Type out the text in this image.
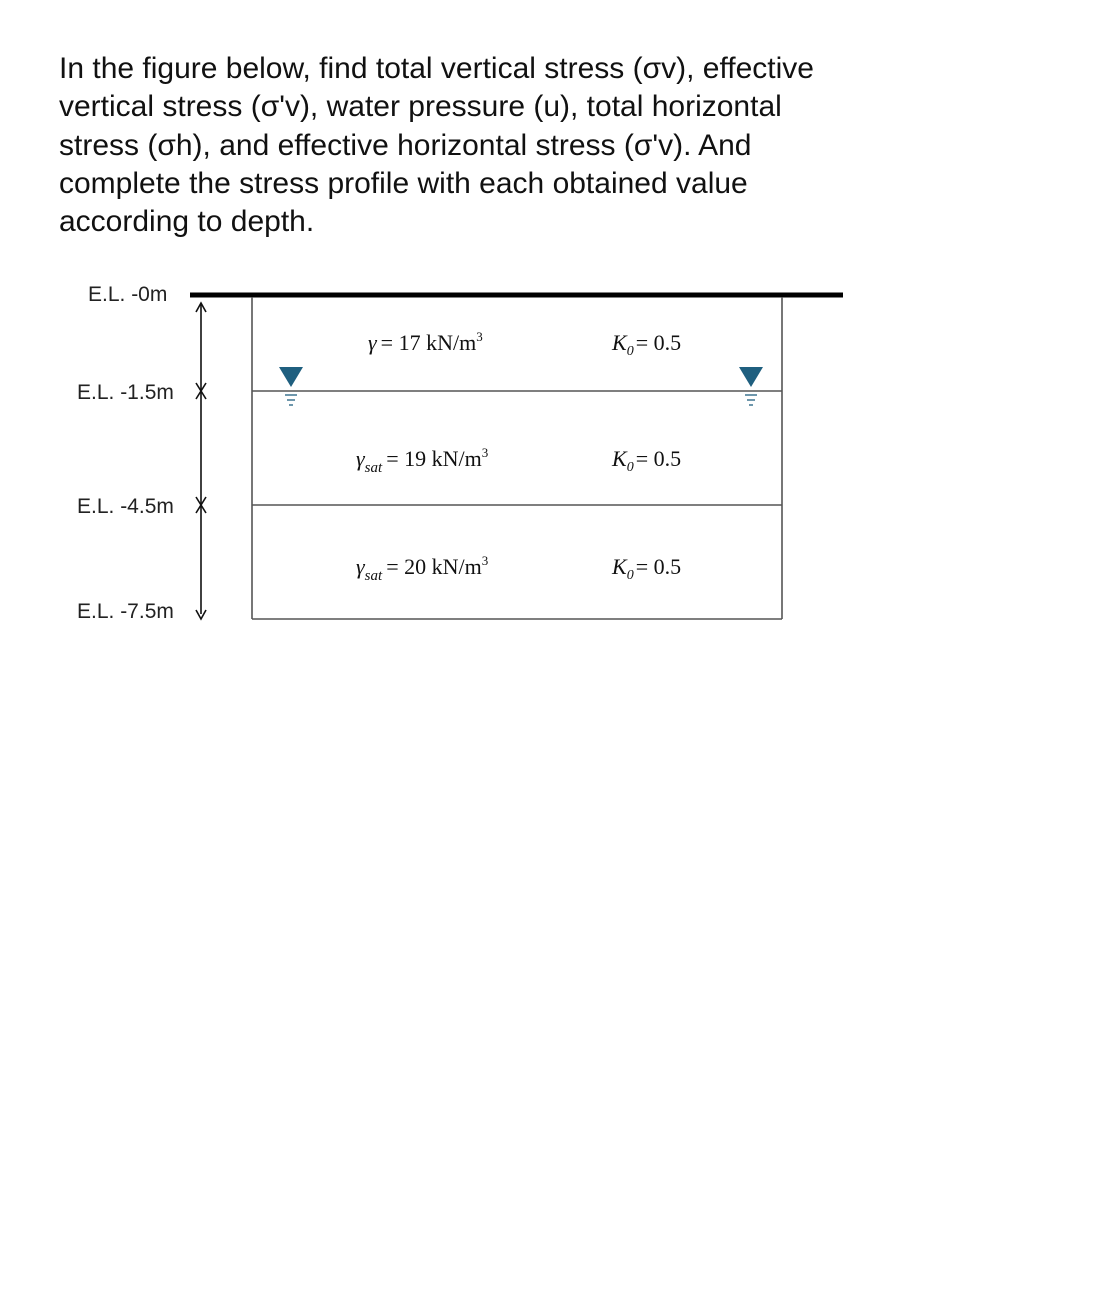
In the figure below, find total vertical stress (σv), effective
vertical stress (σ'v), water pressure (u), total horizontal
stress (σh), and effective horizontal stress (σ'v). And
complete the stress profile with each obtained value
according to depth.
E.L. -0m
E.L. -1.5m
E.L. -4.5m
E.L. -7.5m
γ = 17 $kN/m^3$	$K_0= 0.5$
$\gamma_{sat} = 19$ $kN/m^3$	$K_0= 0.5$
$\gamma_{sat} = 20$ $kN/m^3$	$K_0= 0.5$
